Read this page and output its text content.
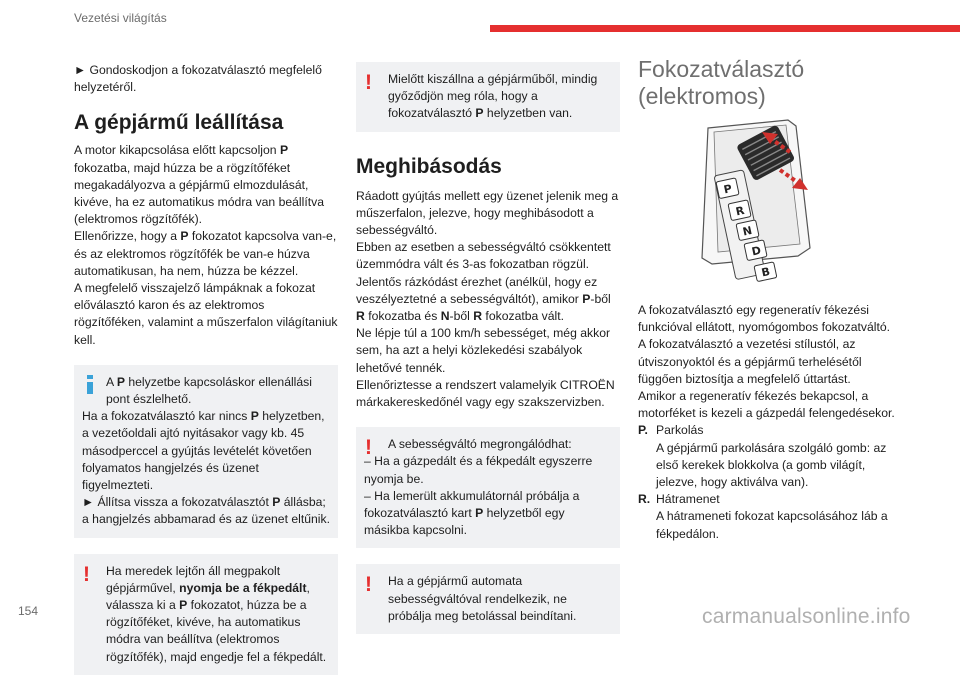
Vezetési világítás

► Gondoskodjon a fokozatválasztó megfelelő helyzetéről.

A gépjármű leállítása

A motor kikapcsolása előtt kapcsoljon P fokozatba, majd húzza be a rögzítőféket megakadályozva a gépjármű elmozdulását, kivéve, ha ez automatikus módra van beállítva (elektromos rögzítőfék).

Ellenőrizze, hogy a P fokozatot kapcsolva van-e, és az elektromos rögzítőfék be van-e húzva automatikusan, ha nem, húzza be kézzel.

A megfelelő visszajelző lámpáknak a fokozat előválasztó karon és az elektromos rögzítőféken, valamint a műszerfalon világítaniuk kell.

A P helyzetbe kapcsoláskor ellenállási pont észlelhető.

Ha a fokozatválasztó kar nincs P helyzetben, a vezetőoldali ajtó nyitásakor vagy kb. 45 másodperccel a gyújtás levételét követően folyamatos hangjelzés és üzenet figyelmezteti.

► Állítsa vissza a fokozatválasztót P állásba; a hangjelzés abbamarad és az üzenet eltűnik.

!	Ha meredek lejtőn áll megpakolt gépjárművel, nyomja be a fékpedált, válassza ki a P fokozatot, húzza be a rögzítőféket, kivéve, ha automatikus módra van beállítva (elektromos rögzítőfék), majd engedje fel a fékpedált.

!	Mielőtt kiszállna a gépjárműből, mindig győződjön meg róla, hogy a fokozatválasztó P helyzetben van.

Meghibásodás

Ráadott gyújtás mellett egy üzenet jelenik meg a műszerfalon, jelezve, hogy meghibásodott a sebességváltó.

Ebben az esetben a sebességváltó csökkentett üzemmódra vált és 3-as fokozatban rögzül.

Jelentős rázkódást érezhet (anélkül, hogy ez veszélyeztetné a sebességváltót), amikor P-ből R fokozatba és N-ből R fokozatba vált.

Ne lépje túl a 100 km/h sebességet, még akkor sem, ha azt a helyi közlekedési szabályok lehetővé tennék.

Ellenőriztesse a rendszert valamelyik CITROËN márkakereskedőnél vagy egy szakszervizben.

!	A sebességváltó megrongálódhat:

– Ha a gázpedált és a fékpedált egyszerre nyomja be.

– Ha lemerült akkumulátornál próbálja a fokozatválasztó kart P helyzetből egy másikba kapcsolni.

!	Ha a gépjármű automata sebességváltóval rendelkezik, ne próbálja meg betolással beindítani.

Fokozatválasztó
(elektromos)
P
R
N
D
B

A fokozatválasztó egy regeneratív fékezési funkcióval ellátott, nyomógombos fokozatváltó.

A fokozatválasztó a vezetési stílustól, az útviszonyoktól és a gépjármű terhelésétől függően biztosítja a megfelelő úttartást.

Amikor a regeneratív fékezés bekapcsol, a motorféket is kezeli a gázpedál felengedésekor.

P. Parkolás
A gépjármű parkolására szolgáló gomb: az első kerekek blokkolva (a gomb világít, jelezve, hogy aktiválva van).
R. Hátramenet
A hátrameneti fokozat kapcsolásához láb a fékpedálon.
154	carmanualsonline.info
